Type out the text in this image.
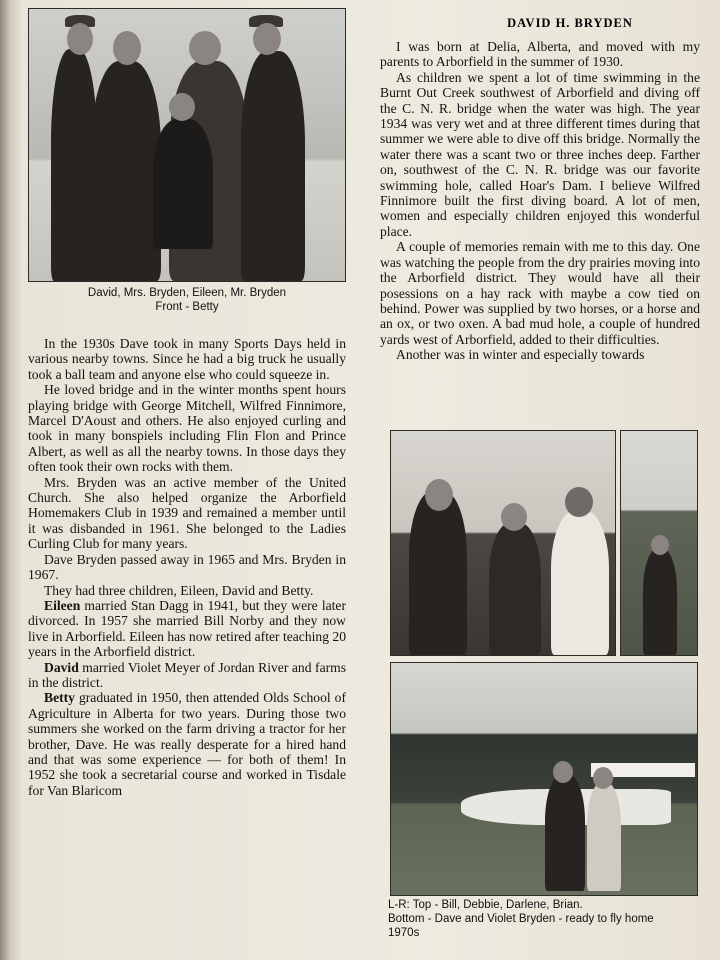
David, Mrs. Bryden, Eileen, Mr. Bryden
Front - Betty

In the 1930s Dave took in many Sports Days held in various nearby towns. Since he had a big truck he usually took a ball team and anyone else who could squeeze in.

He loved bridge and in the winter months spent hours playing bridge with George Mitchell, Wilfred Finnimore, Marcel D'Aoust and others. He also enjoyed curling and took in many bonspiels including Flin Flon and Prince Albert, as well as all the nearby towns. In those days they often took their own rocks with them.

Mrs. Bryden was an active member of the United Church. She also helped organize the Arborfield Homemakers Club in 1939 and remained a member until it was disbanded in 1961. She belonged to the Ladies Curling Club for many years.

Dave Bryden passed away in 1965 and Mrs. Bryden in 1967.

They had three children, Eileen, David and Betty.

Eileen married Stan Dagg in 1941, but they were later divorced. In 1957 she married Bill Norby and they now live in Arborfield. Eileen has now retired after teaching 20 years in the Arborfield district.

David married Violet Meyer of Jordan River and farms in the district.

Betty graduated in 1950, then attended Olds School of Agriculture in Alberta for two years. During those two summers she worked on the farm driving a tractor for her brother, Dave. He was really desperate for a hired hand and that was some experience — for both of them! In 1952 she took a secretarial course and worked in Tisdale for Van Blaricom

DAVID H. BRYDEN

I was born at Delia, Alberta, and moved with my parents to Arborfield in the summer of 1930.

As children we spent a lot of time swimming in the Burnt Out Creek southwest of Arborfield and diving off the C. N. R. bridge when the water was high. The year 1934 was very wet and at three different times during that summer we were able to dive off this bridge. Normally the water there was a scant two or three inches deep. Farther on, southwest of the C. N. R. bridge was our favorite swimming hole, called Hoar's Dam. I believe Wilfred Finnimore built the first diving board. A lot of men, women and especially children enjoyed this wonderful place.

A couple of memories remain with me to this day. One was watching the people from the dry prairies moving into the Arborfield district. They would have all their posessions on a hay rack with maybe a cow tied on behind. Power was supplied by two horses, or a horse and an ox, or two oxen. A bad mud hole, a couple of hundred yards west of Arborfield, added to their difficulties.

Another was in winter and especially towards

L-R: Top - Bill, Debbie, Darlene, Brian.
Bottom - Dave and Violet Bryden - ready to fly home
1970s
